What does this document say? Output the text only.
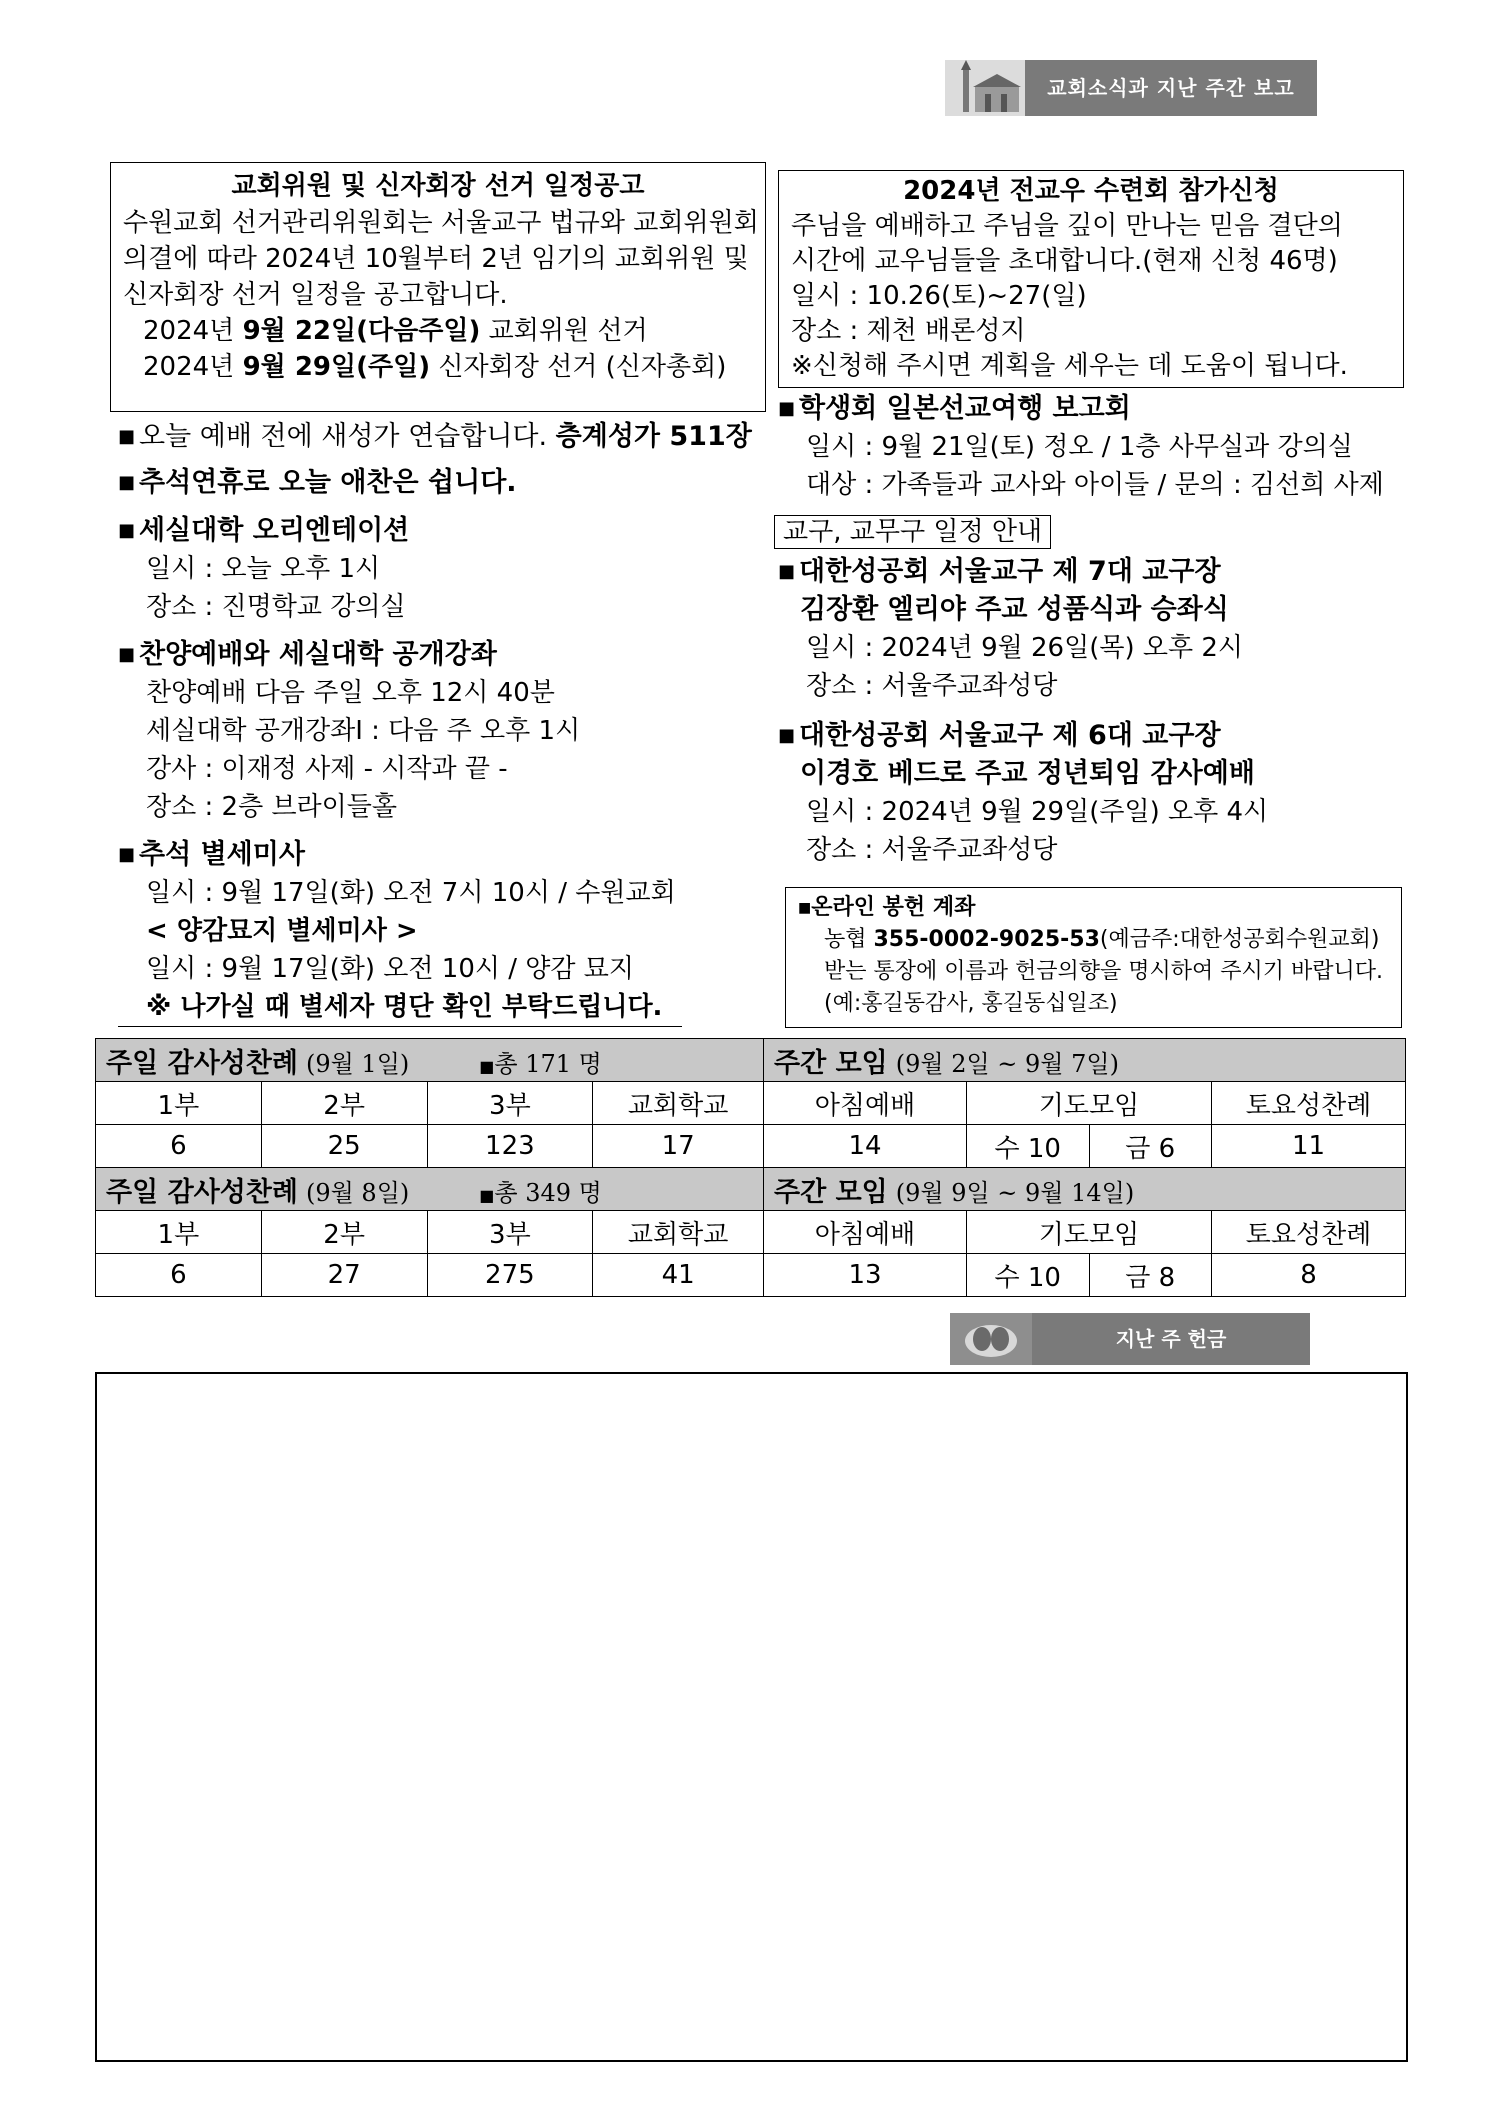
교회소식과 지난 주간 보고
교회위원 및 신자회장 선거 일정공고
수원교회 선거관리위원회는 서울교구 법규와 교회위원회
의결에 따라 2024년 10월부터 2년 임기의 교회위원 및
신자회장 선거 일정을 공고합니다.
2024년 9월 22일(다음주일) 교회위원 선거
2024년 9월 29일(주일) 신자회장 선거 (신자총회)
2024년 전교우 수련회 참가신청
주님을 예배하고 주님을 깊이 만나는 믿음 결단의
시간에 교우님들을 초대합니다.(현재 신청 46명)
일시 : 10.26(토)~27(일)
장소 : 제천 배론성지
※신청해 주시면 계획을 세우는 데 도움이 됩니다.
■ 오늘 예배 전에 새성가 연습합니다. 층계성가 511장
■ 추석연휴로 오늘 애찬은 쉽니다.
■ 세실대학 오리엔테이션
일시 : 오늘 오후 1시
장소 : 진명학교 강의실
■ 찬양예배와 세실대학 공개강좌
찬양예배 다음 주일 오후 12시 40분
세실대학 공개강좌Ⅰ : 다음 주 오후 1시
강사 : 이재정 사제 - 시작과 끝 -
장소 : 2층 브라이들홀
■ 추석 별세미사
일시 : 9월 17일(화) 오전 7시 10시 / 수원교회
< 양감묘지 별세미사 >
일시 : 9월 17일(화) 오전 10시 / 양감 묘지
※ 나가실 때 별세자 명단 확인 부탁드립니다.
■ 학생회 일본선교여행 보고회
일시 : 9월 21일(토) 정오 / 1층 사무실과 강의실
대상 : 가족들과 교사와 아이들 / 문의 : 김선희 사제
교구, 교무구 일정 안내
■ 대한성공회 서울교구 제 7대 교구장
김장환 엘리야 주교 성품식과 승좌식
일시 : 2024년 9월 26일(목) 오후 2시
장소 : 서울주교좌성당
■ 대한성공회 서울교구 제 6대 교구장
이경호 베드로 주교 정년퇴임 감사예배
일시 : 2024년 9월 29일(주일) 오후 4시
장소 : 서울주교좌성당
■온라인 봉헌 계좌
농협 355-0002-9025-53(예금주:대한성공회수원교회)
받는 통장에 이름과 헌금의향을 명시하여 주시기 바랍니다.
(예:홍길동감사, 홍길동십일조)
주일 감사성찬례 (9월 1일) ■총 171 명				주간 모임 (9월 2일 ~ 9월 7일)			
1부	2부	3부	교회학교	아침예배	기도모임		토요성찬례
6	25	123	17	14	수 10	금 6	11
주일 감사성찬례 (9월 8일) ■총 349 명				주간 모임 (9월 9일 ~ 9월 14일)			
1부	2부	3부	교회학교	아침예배	기도모임		토요성찬례
6	27	275	41	13	수 10	금 8	8
지난 주 헌금
